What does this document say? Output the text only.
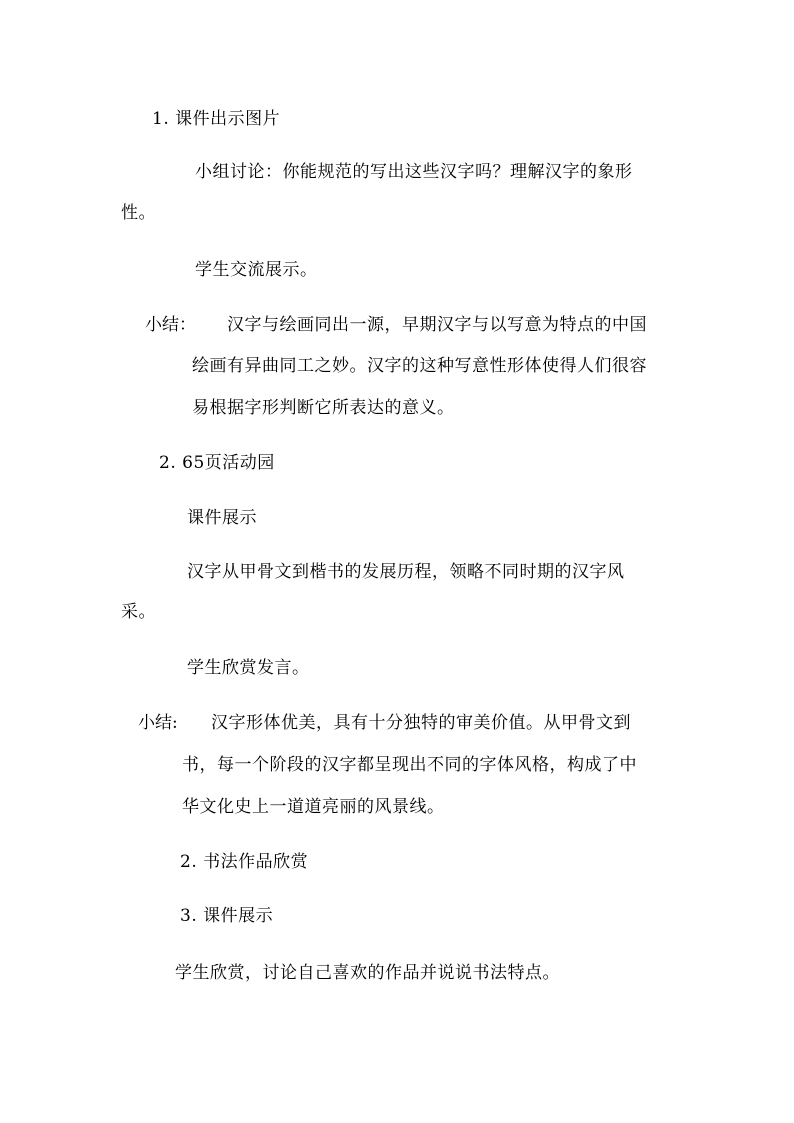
1. 课件出示图片
小组讨论：你能规范的写出这些汉字吗？理解汉字的象形
性。
学生交流展示。
小结： 汉字与绘画同出一源，早期汉字与以写意为特点的中国
绘画有异曲同工之妙。汉字的这种写意性形体使得人们很容
易根据字形判断它所表达的意义。
2. 65页活动园
课件展示
汉字从甲骨文到楷书的发展历程，领略不同时期的汉字风
采。
学生欣赏发言。
小结: 汉字形体优美，具有十分独特的审美价值。从甲骨文到
书，每一个阶段的汉字都呈现出不同的字体风格，构成了中
华文化史上一道道亮丽的风景线。
2. 书法作品欣赏
3. 课件展示
学生欣赏，讨论自己喜欢的作品并说说书法特点。
